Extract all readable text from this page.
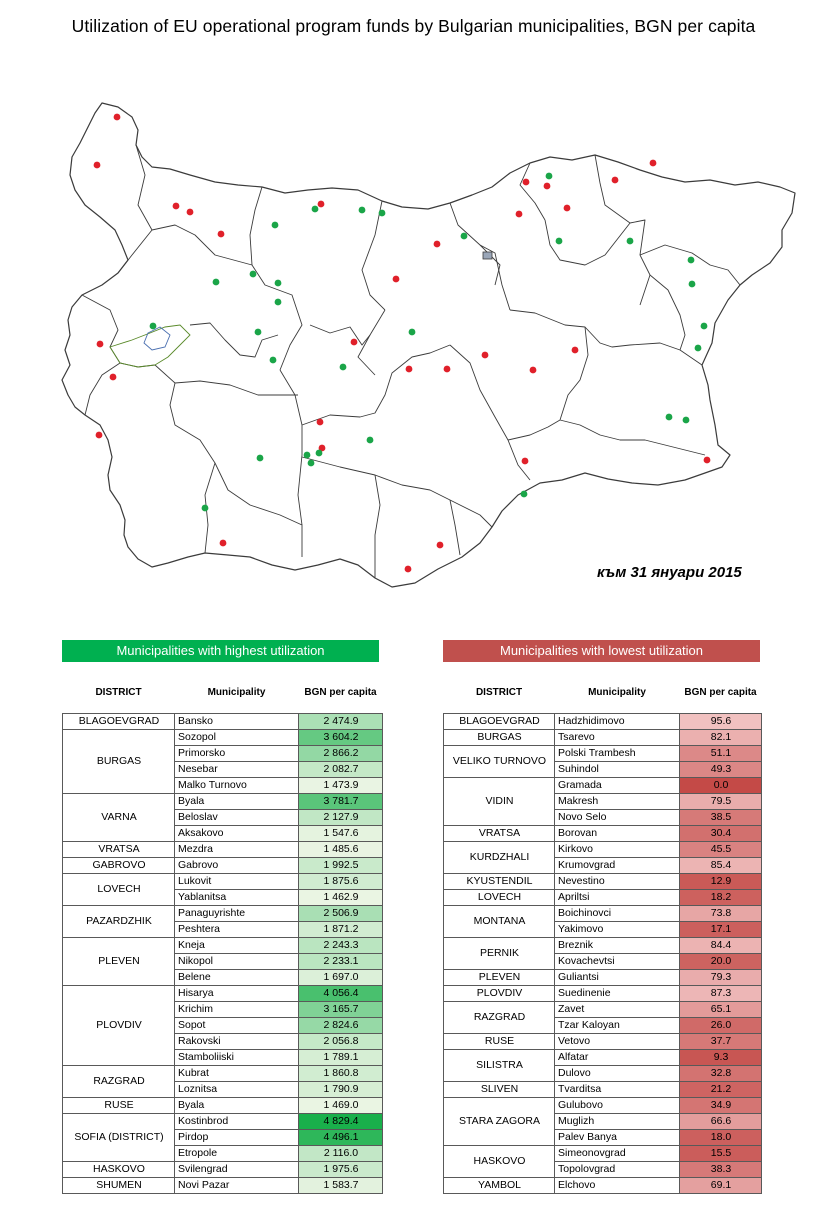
Utilization of EU operational program funds by Bulgarian municipalities, BGN per capita
към 31 януари 2015
Municipalities with highest utilization	Municipalities with lowest utilization
DISTRICT	Municipality	BGN per capita

BLAGOEVGRAD	Bansko	2 474.9
BURGAS	Sozopol	3 604.2
	Primorsko	2 866.2
	Nesebar	2 082.7
	Malko Turnovo	1 473.9
VARNA	Byala	3 781.7
	Beloslav	2 127.9
	Aksakovo	1 547.6
VRATSA	Mezdra	1 485.6
GABROVO	Gabrovo	1 992.5
LOVECH	Lukovit	1 875.6
	Yablanitsa	1 462.9
PAZARDZHIK	Panaguyrishte	2 506.9
	Peshtera	1 871.2
PLEVEN	Kneja	2 243.3
	Nikopol	2 233.1
	Belene	1 697.0
PLOVDIV	Hisarya	4 056.4
	Krichim	3 165.7
	Sopot	2 824.6
	Rakovski	2 056.8
	Stamboliiski	1 789.1
RAZGRAD	Kubrat	1 860.8
	Loznitsa	1 790.9
RUSE	Byala	1 469.0
SOFIA (DISTRICT)	Kostinbrod	4 829.4
	Pirdop	4 496.1
	Etropole	2 116.0
HASKOVO	Svilengrad	1 975.6
SHUMEN	Novi Pazar	1 583.7
DISTRICT	Municipality	BGN per capita

BLAGOEVGRAD	Hadzhidimovo	95.6
BURGAS	Tsarevo	82.1
VELIKO TURNOVO	Polski Trambesh	51.1
	Suhindol	49.3
VIDIN	Gramada	0.0
	Makresh	79.5
	Novo Selo	38.5
VRATSA	Borovan	30.4
KURDZHALI	Kirkovo	45.5
	Krumovgrad	85.4
KYUSTENDIL	Nevestino	12.9
LOVECH	Apriltsi	18.2
MONTANA	Boichinovci	73.8
	Yakimovo	17.1
PERNIK	Breznik	84.4
	Kovachevtsi	20.0
PLEVEN	Guliantsi	79.3
PLOVDIV	Suedinenie	87.3
RAZGRAD	Zavet	65.1
	Tzar Kaloyan	26.0
RUSE	Vetovo	37.7
SILISTRA	Alfatar	9.3
	Dulovo	32.8
SLIVEN	Tvarditsa	21.2
STARA ZAGORA	Gulubovo	34.9
	Muglizh	66.6
	Palev Banya	18.0
HASKOVO	Simeonovgrad	15.5
	Topolovgrad	38.3
YAMBOL	Elchovo	69.1
